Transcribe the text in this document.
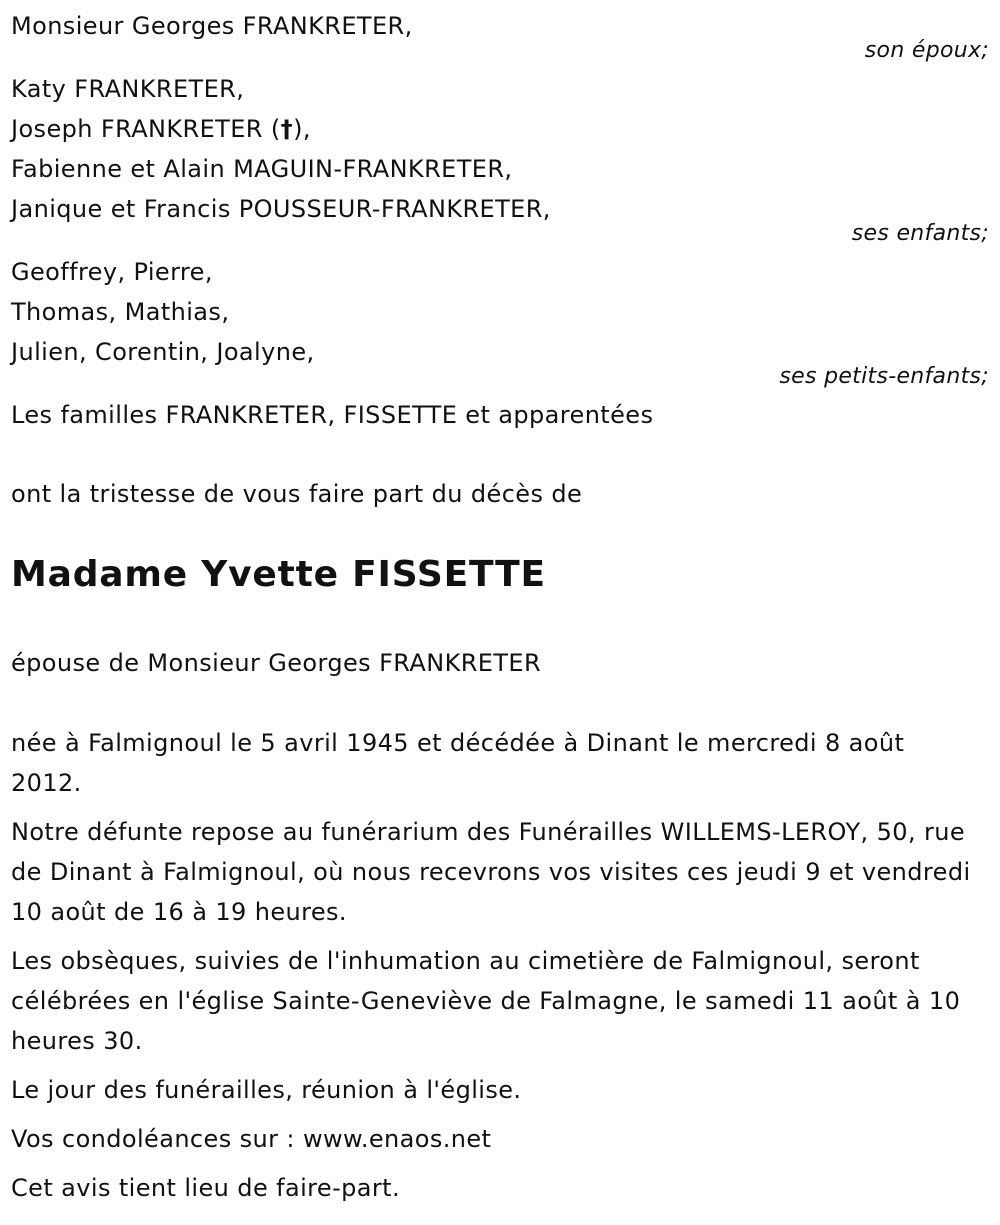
Monsieur Georges FRANKRETER,
son époux;
Katy FRANKRETER,
Joseph FRANKRETER (†),
Fabienne et Alain MAGUIN-FRANKRETER,
Janique et Francis POUSSEUR-FRANKRETER,
ses enfants;
Geoffrey, Pierre,
Thomas, Mathias,
Julien, Corentin, Joalyne,
ses petits-enfants;
Les familles FRANKRETER, FISSETTE et apparentées
ont la tristesse de vous faire part du décès de
Madame Yvette FISSETTE
épouse de Monsieur Georges FRANKRETER
née à Falmignoul le 5 avril 1945 et décédée à Dinant le mercredi 8 août 2012.
Notre défunte repose au funérarium des Funérailles WILLEMS-LEROY, 50, rue de Dinant à Falmignoul, où nous recevrons vos visites ces jeudi 9 et vendredi 10 août de 16 à 19 heures.
Les obsèques, suivies de l'inhumation au cimetière de Falmignoul, seront célébrées en l'église Sainte-Geneviève de Falmagne, le samedi 11 août à 10 heures 30.
Le jour des funérailles, réunion à l'église.
Vos condoléances sur : www.enaos.net
Cet avis tient lieu de faire-part.
